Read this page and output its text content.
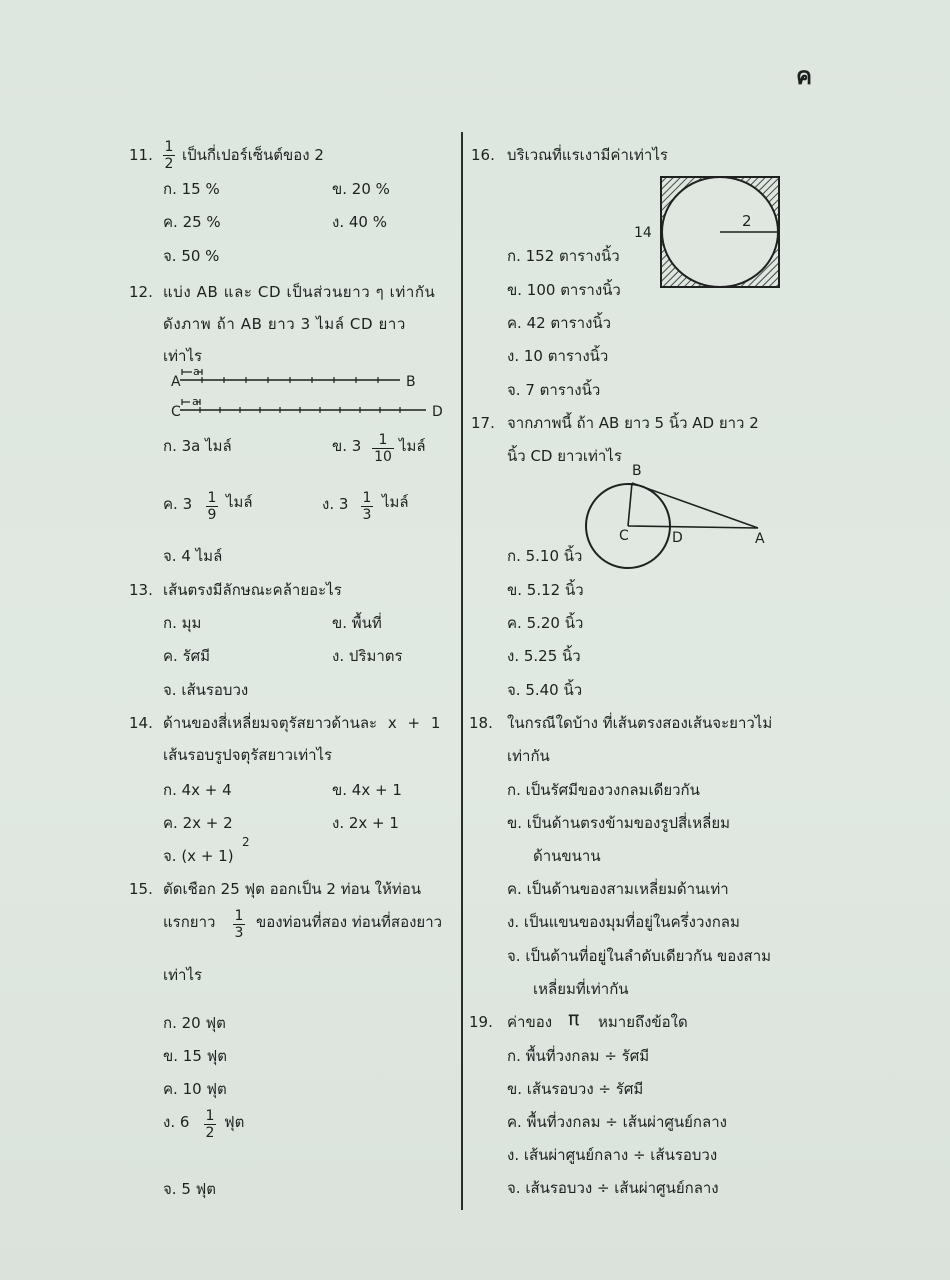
ค
11. 1
2 เป็นกี่เปอร์เซ็นต์ของ 2
ก. 15 %	ข. 20 %
ค. 25 %	ง. 40 %
จ. 50 %
12. แบ่ง AB และ CD เป็นส่วนยาว ๆ เท่ากัน
ดังภาพ ถ้า AB ยาว 3 ไมล์ CD ยาว
เท่าไร
A	B
C	D
a
a
ก. 3a ไมล์	ข. 3	1
10
ไมล์
ค. 3 1
9
ไมล์	ง. 3 1
3
ไมล์
จ. 4 ไมล์
13. เส้นตรงมีลักษณะคล้ายอะไร
ก. มุม	ข. พื้นที่
ค. รัศมี	ง. ปริมาตร
จ. เส้นรอบวง
14. ด้านของสี่เหลี่ยมจตุรัสยาวด้านละ x + 1
เส้นรอบรูปจตุรัสยาวเท่าไร
ก. 4x + 4	ข. 4x + 1
ค. 2x + 2	ง. 2x + 1
จ. (x + 1)
2
15. ตัดเชือก 25 ฟุต ออกเป็น 2 ท่อน ให้ท่อน
แรกยาว 1
3
ของท่อนที่สอง ท่อนที่สองยาว
เท่าไร
ก. 20 ฟุต
ข. 15 ฟุต
ค. 10 ฟุต
ง. 6 1
2
ฟุต
จ. 5 ฟุต
16. บริเวณที่แรเงามีค่าเท่าไร
2
14
ก. 152 ตารางนิ้ว
ข. 100 ตารางนิ้ว
ค. 42 ตารางนิ้ว
ง. 10 ตารางนิ้ว
จ. 7 ตารางนิ้ว
17. จากภาพนี้ ถ้า AB ยาว 5 นิ้ว AD ยาว 2
นิ้ว CD ยาวเท่าไร
B
C	D	A
ก. 5.10 นิ้ว
ข. 5.12 นิ้ว
ค. 5.20 นิ้ว
ง. 5.25 นิ้ว
จ. 5.40 นิ้ว
18. ในกรณีใดบ้าง ที่เส้นตรงสองเส้นจะยาวไม่
เท่ากัน
ก. เป็นรัศมีของวงกลมเดียวกัน
ข. เป็นด้านตรงข้ามของรูปสี่เหลี่ยม
ด้านขนาน
ค. เป็นด้านของสามเหลี่ยมด้านเท่า
ง. เป็นแขนของมุมที่อยู่ในครึ่งวงกลม
จ. เป็นด้านที่อยู่ในลำดับเดียวกัน ของสาม
เหลี่ยมที่เท่ากัน
19. ค่าของ π หมายถึงข้อใด
ก. พื้นที่วงกลม ÷ รัศมี
ข. เส้นรอบวง ÷ รัศมี
ค. พื้นที่วงกลม ÷ เส้นผ่าศูนย์กลาง
ง. เส้นผ่าศูนย์กลาง ÷ เส้นรอบวง
จ. เส้นรอบวง ÷ เส้นผ่าศูนย์กลาง
